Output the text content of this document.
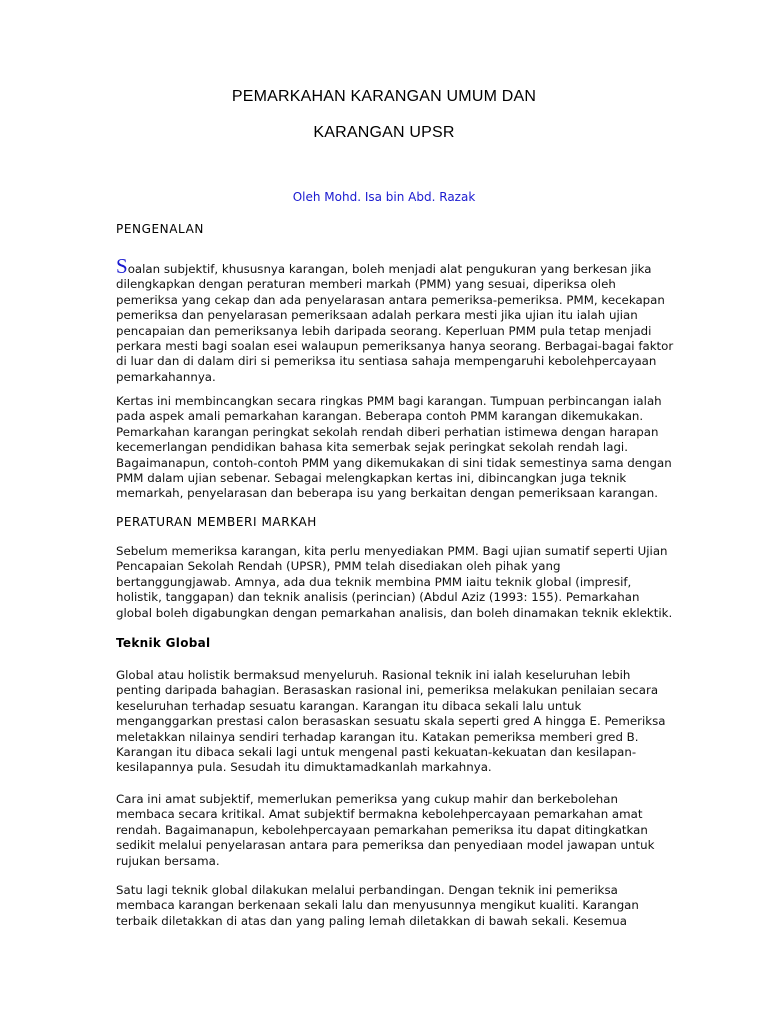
PEMARKAHAN KARANGAN UMUM DAN
KARANGAN UPSR
Oleh Mohd. Isa bin Abd. Razak
PENGENALAN
Soalan subjektif, khususnya karangan, boleh menjadi alat pengukuran yang berkesan jika
dilengkapkan dengan peraturan memberi markah (PMM) yang sesuai, diperiksa oleh
pemeriksa yang cekap dan ada penyelarasan antara pemeriksa-pemeriksa. PMM, kecekapan
pemeriksa dan penyelarasan pemeriksaan adalah perkara mesti jika ujian itu ialah ujian
pencapaian dan pemeriksanya lebih daripada seorang. Keperluan PMM pula tetap menjadi
perkara mesti bagi soalan esei walaupun pemeriksanya hanya seorang. Berbagai-bagai faktor
di luar dan di dalam diri si pemeriksa itu sentiasa sahaja mempengaruhi kebolehpercayaan
pemarkahannya.
Kertas ini membincangkan secara ringkas PMM bagi karangan. Tumpuan perbincangan ialah
pada aspek amali pemarkahan karangan. Beberapa contoh PMM karangan dikemukakan.
Pemarkahan karangan peringkat sekolah rendah diberi perhatian istimewa dengan harapan
kecemerlangan pendidikan bahasa kita semerbak sejak peringkat sekolah rendah lagi.
Bagaimanapun, contoh-contoh PMM yang dikemukakan di sini tidak semestinya sama dengan
PMM dalam ujian sebenar. Sebagai melengkapkan kertas ini, dibincangkan juga teknik
memarkah, penyelarasan dan beberapa isu yang berkaitan dengan pemeriksaan karangan.
PERATURAN MEMBERI MARKAH
Sebelum memeriksa karangan, kita perlu menyediakan PMM. Bagi ujian sumatif seperti Ujian
Pencapaian Sekolah Rendah (UPSR), PMM telah disediakan oleh pihak yang
bertanggungjawab. Amnya, ada dua teknik membina PMM iaitu teknik global (impresif,
holistik, tanggapan) dan teknik analisis (perincian) (Abdul Aziz (1993: 155). Pemarkahan
global boleh digabungkan dengan pemarkahan analisis, dan boleh dinamakan teknik eklektik.
Teknik Global
Global atau holistik bermaksud menyeluruh. Rasional teknik ini ialah keseluruhan lebih
penting daripada bahagian. Berasaskan rasional ini, pemeriksa melakukan penilaian secara
keseluruhan terhadap sesuatu karangan. Karangan itu dibaca sekali lalu untuk
menganggarkan prestasi calon berasaskan sesuatu skala seperti gred A hingga E. Pemeriksa
meletakkan nilainya sendiri terhadap karangan itu. Katakan pemeriksa memberi gred B.
Karangan itu dibaca sekali lagi untuk mengenal pasti kekuatan-kekuatan dan kesilapan-
kesilapannya pula. Sesudah itu dimuktamadkanlah markahnya.
Cara ini amat subjektif, memerlukan pemeriksa yang cukup mahir dan berkebolehan
membaca secara kritikal. Amat subjektif bermakna kebolehpercayaan pemarkahan amat
rendah. Bagaimanapun, kebolehpercayaan pemarkahan pemeriksa itu dapat ditingkatkan
sedikit melalui penyelarasan antara para pemeriksa dan penyediaan model jawapan untuk
rujukan bersama.
Satu lagi teknik global dilakukan melalui perbandingan. Dengan teknik ini pemeriksa
membaca karangan berkenaan sekali lalu dan menyusunnya mengikut kualiti. Karangan
terbaik diletakkan di atas dan yang paling lemah diletakkan di bawah sekali. Kesemua
